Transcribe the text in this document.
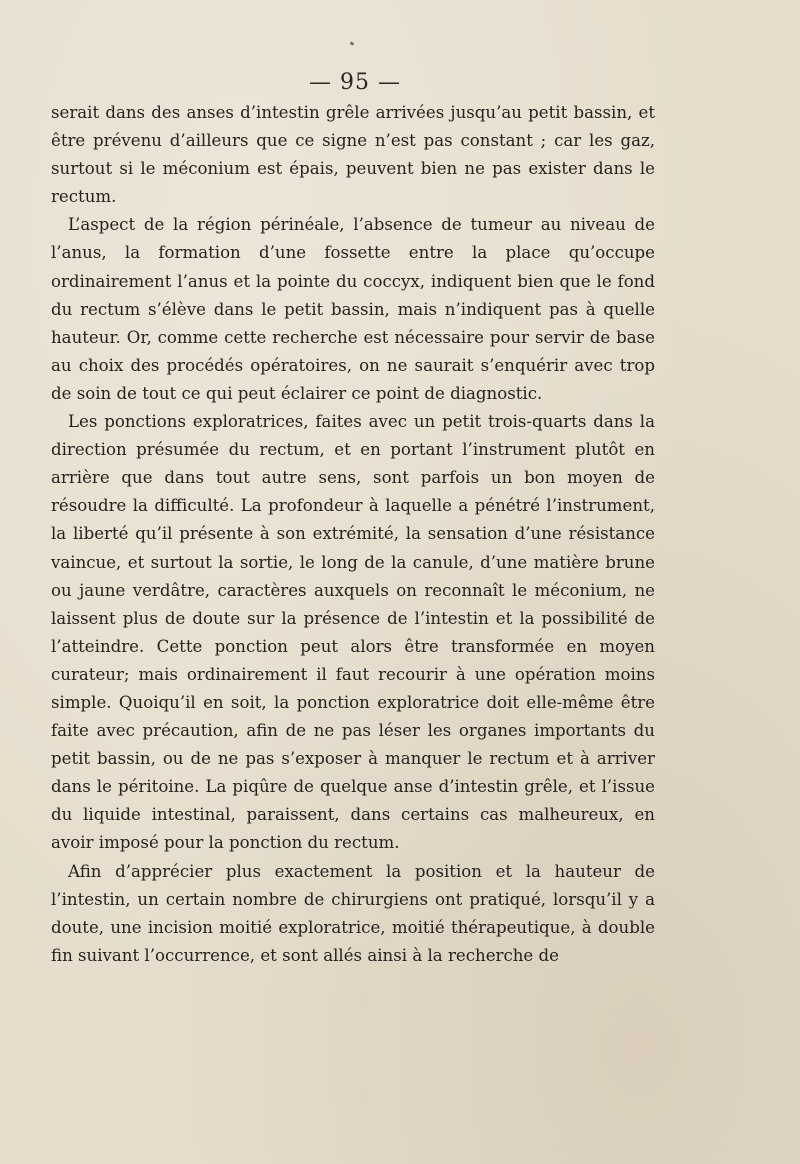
— 95 —

serait dans des anses d’intestin grêle arrivées jusqu’au petit bassin, et être prévenu d’ailleurs que ce signe n’est pas constant ; car les gaz, surtout si le méconium est épais, peuvent bien ne pas exister dans le rectum.

L’aspect de la région périnéale, l’absence de tumeur au niveau de l’anus, la formation d’une fossette entre la place qu’occupe ordinairement l’anus et la pointe du coccyx, indiquent bien que le fond du rectum s’élève dans le petit bassin, mais n’indiquent pas à quelle hauteur. Or, comme cette recherche est nécessaire pour servir de base au choix des procédés opératoires, on ne saurait s’enquérir avec trop de soin de tout ce qui peut éclairer ce point de diagnostic.

Les ponctions exploratrices, faites avec un petit trois-quarts dans la direction présumée du rectum, et en portant l’instrument plutôt en arrière que dans tout autre sens, sont parfois un bon moyen de résoudre la difficulté. La profondeur à laquelle a pénétré l’instrument, la liberté qu’il présente à son extrémité, la sensation d’une résistance vaincue, et surtout la sortie, le long de la canule, d’une matière brune ou jaune verdâtre, caractères auxquels on reconnaît le méconium, ne laissent plus de doute sur la présence de l’intestin et la possibilité de l’atteindre. Cette ponction peut alors être transformée en moyen curateur; mais ordinairement il faut recourir à une opération moins simple. Quoiqu’il en soit, la ponction exploratrice doit elle-même être faite avec précaution, afin de ne pas léser les organes importants du petit bassin, ou de ne pas s’exposer à manquer le rectum et à arriver dans le péritoine. La piqûre de quelque anse d’intestin grêle, et l’issue du liquide intestinal, paraissent, dans certains cas malheureux, en avoir imposé pour la ponction du rectum.

Afin d’apprécier plus exactement la position et la hauteur de l’intestin, un certain nombre de chirurgiens ont pratiqué, lorsqu’il y a doute, une incision moitié exploratrice, moitié thérapeutique, à double fin suivant l’occurrence, et sont allés ainsi à la recherche de
